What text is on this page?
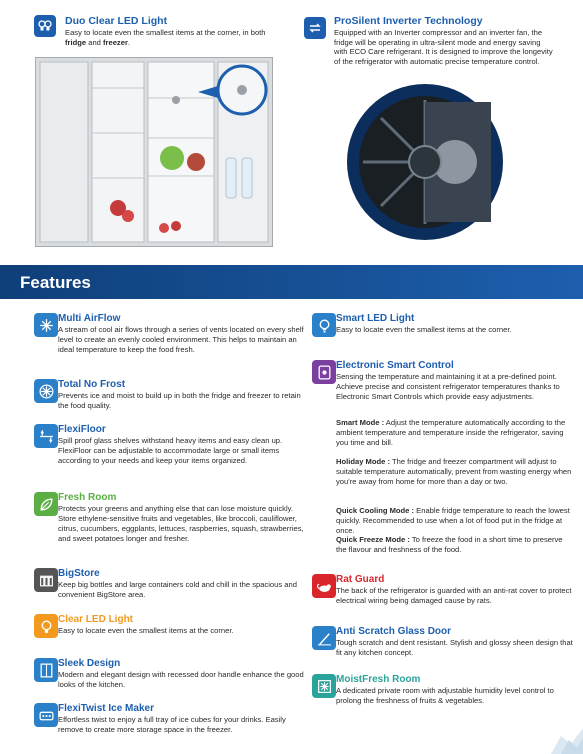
Duo Clear LED Light
Easy to locate even the smallest items at the corner, in both fridge and freezer.
ProSilent Inverter Technology
Equipped with an Inverter compressor and an inverter fan, the fridge will be operating in ultra-silent mode and energy saving with ECO Care refrigerant. It is designed to improve the longevity of the refrigerator with automatic precise temperature control.
Features
Multi AirFlow
A stream of cool air flows through a series of vents located on every shelf level to create an evenly cooled environment. This helps to maintain an ideal temperature to keep the food fresh.
Total No Frost
Prevents ice and moist to build up in both the fridge and freezer to retain the food quality.
FlexiFloor
Spill proof glass shelves withstand heavy items and easy clean up. FlexiFloor can be adjustable to accommodate large or small items according to your needs and keep your items organized.
Fresh Room
Protects your greens and anything else that can lose moisture quickly. Store ethylene-sensitive fruits and vegetables, like broccoli, cauliflower, citrus, cucumbers, eggplants, lettuces, raspberries, squash, strawberries, and sweet potatoes longer and fresher.
BigStore
Keep big bottles and large containers cold and chill in the spacious and convenient BigStore area.
Clear LED Light
Easy to locate even the smallest items at the corner.
Sleek Design
Modern and elegant design with recessed door handle enhance the good looks of the kitchen.
FlexiTwist Ice Maker
Effortless twist to enjoy a full tray of ice cubes for your drinks. Easily remove to create more storage space in the freezer.
Smart LED Light
Easy to locate even the smallest items at the corner.
Electronic Smart Control
Sensing the temperature and maintaining it at a pre-defined point. Achieve precise and consistent refrigerator temperatures thanks to Electronic Smart Controls which provide easy adjustments.
Smart Mode : Adjust the temperature automatically according to the ambient temperature and temperature inside the refrigerator, saving you time and bill.
Holiday Mode : The fridge and freezer compartment will adjust to suitable temperature automatically, prevent from wasting energy when you're away from home for more than a day or two.
Quick Cooling Mode : Enable fridge temperature to reach the lowest quickly. Recommended to use when a lot of food put in the fridge at once.
Quick Freeze Mode : To freeze the food in a short time to preserve the flavour and freshness of the food.
Rat Guard
The back of the refrigerator is guarded with an anti-rat cover to protect electrical wiring being damaged cause by rats.
Anti Scratch Glass Door
Tough scratch and dent resistant. Stylish and glossy sheen design that fit any kitchen concept.
MoistFresh Room
A dedicated private room with adjustable humidity level control to prolong the freshness of fruits & vegetables.
